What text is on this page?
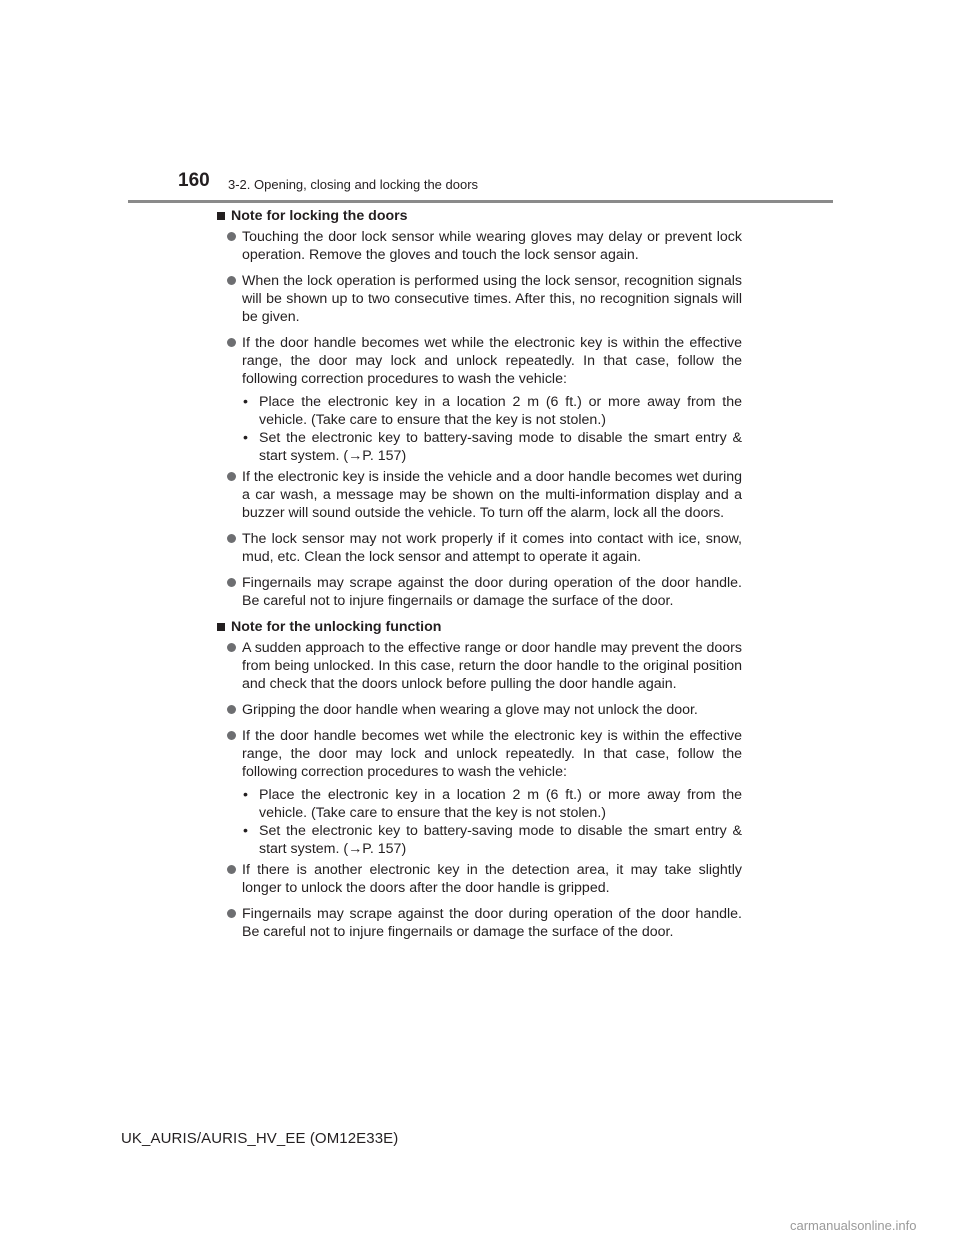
160 3-2. Opening, closing and locking the doors
Note for locking the doors
Touching the door lock sensor while wearing gloves may delay or prevent lock operation. Remove the gloves and touch the lock sensor again.
When the lock operation is performed using the lock sensor, recognition signals will be shown up to two consecutive times. After this, no recognition signals will be given.
If the door handle becomes wet while the electronic key is within the effective range, the door may lock and unlock repeatedly. In that case, follow the following correction procedures to wash the vehicle:
• Place the electronic key in a location 2 m (6 ft.) or more away from the vehicle. (Take care to ensure that the key is not stolen.)
• Set the electronic key to battery-saving mode to disable the smart entry & start system. (→P. 157)
If the electronic key is inside the vehicle and a door handle becomes wet during a car wash, a message may be shown on the multi-information display and a buzzer will sound outside the vehicle. To turn off the alarm, lock all the doors.
The lock sensor may not work properly if it comes into contact with ice, snow, mud, etc. Clean the lock sensor and attempt to operate it again.
Fingernails may scrape against the door during operation of the door handle. Be careful not to injure fingernails or damage the surface of the door.
Note for the unlocking function
A sudden approach to the effective range or door handle may prevent the doors from being unlocked. In this case, return the door handle to the original position and check that the doors unlock before pulling the door handle again.
Gripping the door handle when wearing a glove may not unlock the door.
If the door handle becomes wet while the electronic key is within the effective range, the door may lock and unlock repeatedly. In that case, follow the following correction procedures to wash the vehicle:
• Place the electronic key in a location 2 m (6 ft.) or more away from the vehicle. (Take care to ensure that the key is not stolen.)
• Set the electronic key to battery-saving mode to disable the smart entry & start system. (→P. 157)
If there is another electronic key in the detection area, it may take slightly longer to unlock the doors after the door handle is gripped.
Fingernails may scrape against the door during operation of the door handle. Be careful not to injure fingernails or damage the surface of the door.
UK_AURIS/AURIS_HV_EE (OM12E33E)
carmanualsonline.info
